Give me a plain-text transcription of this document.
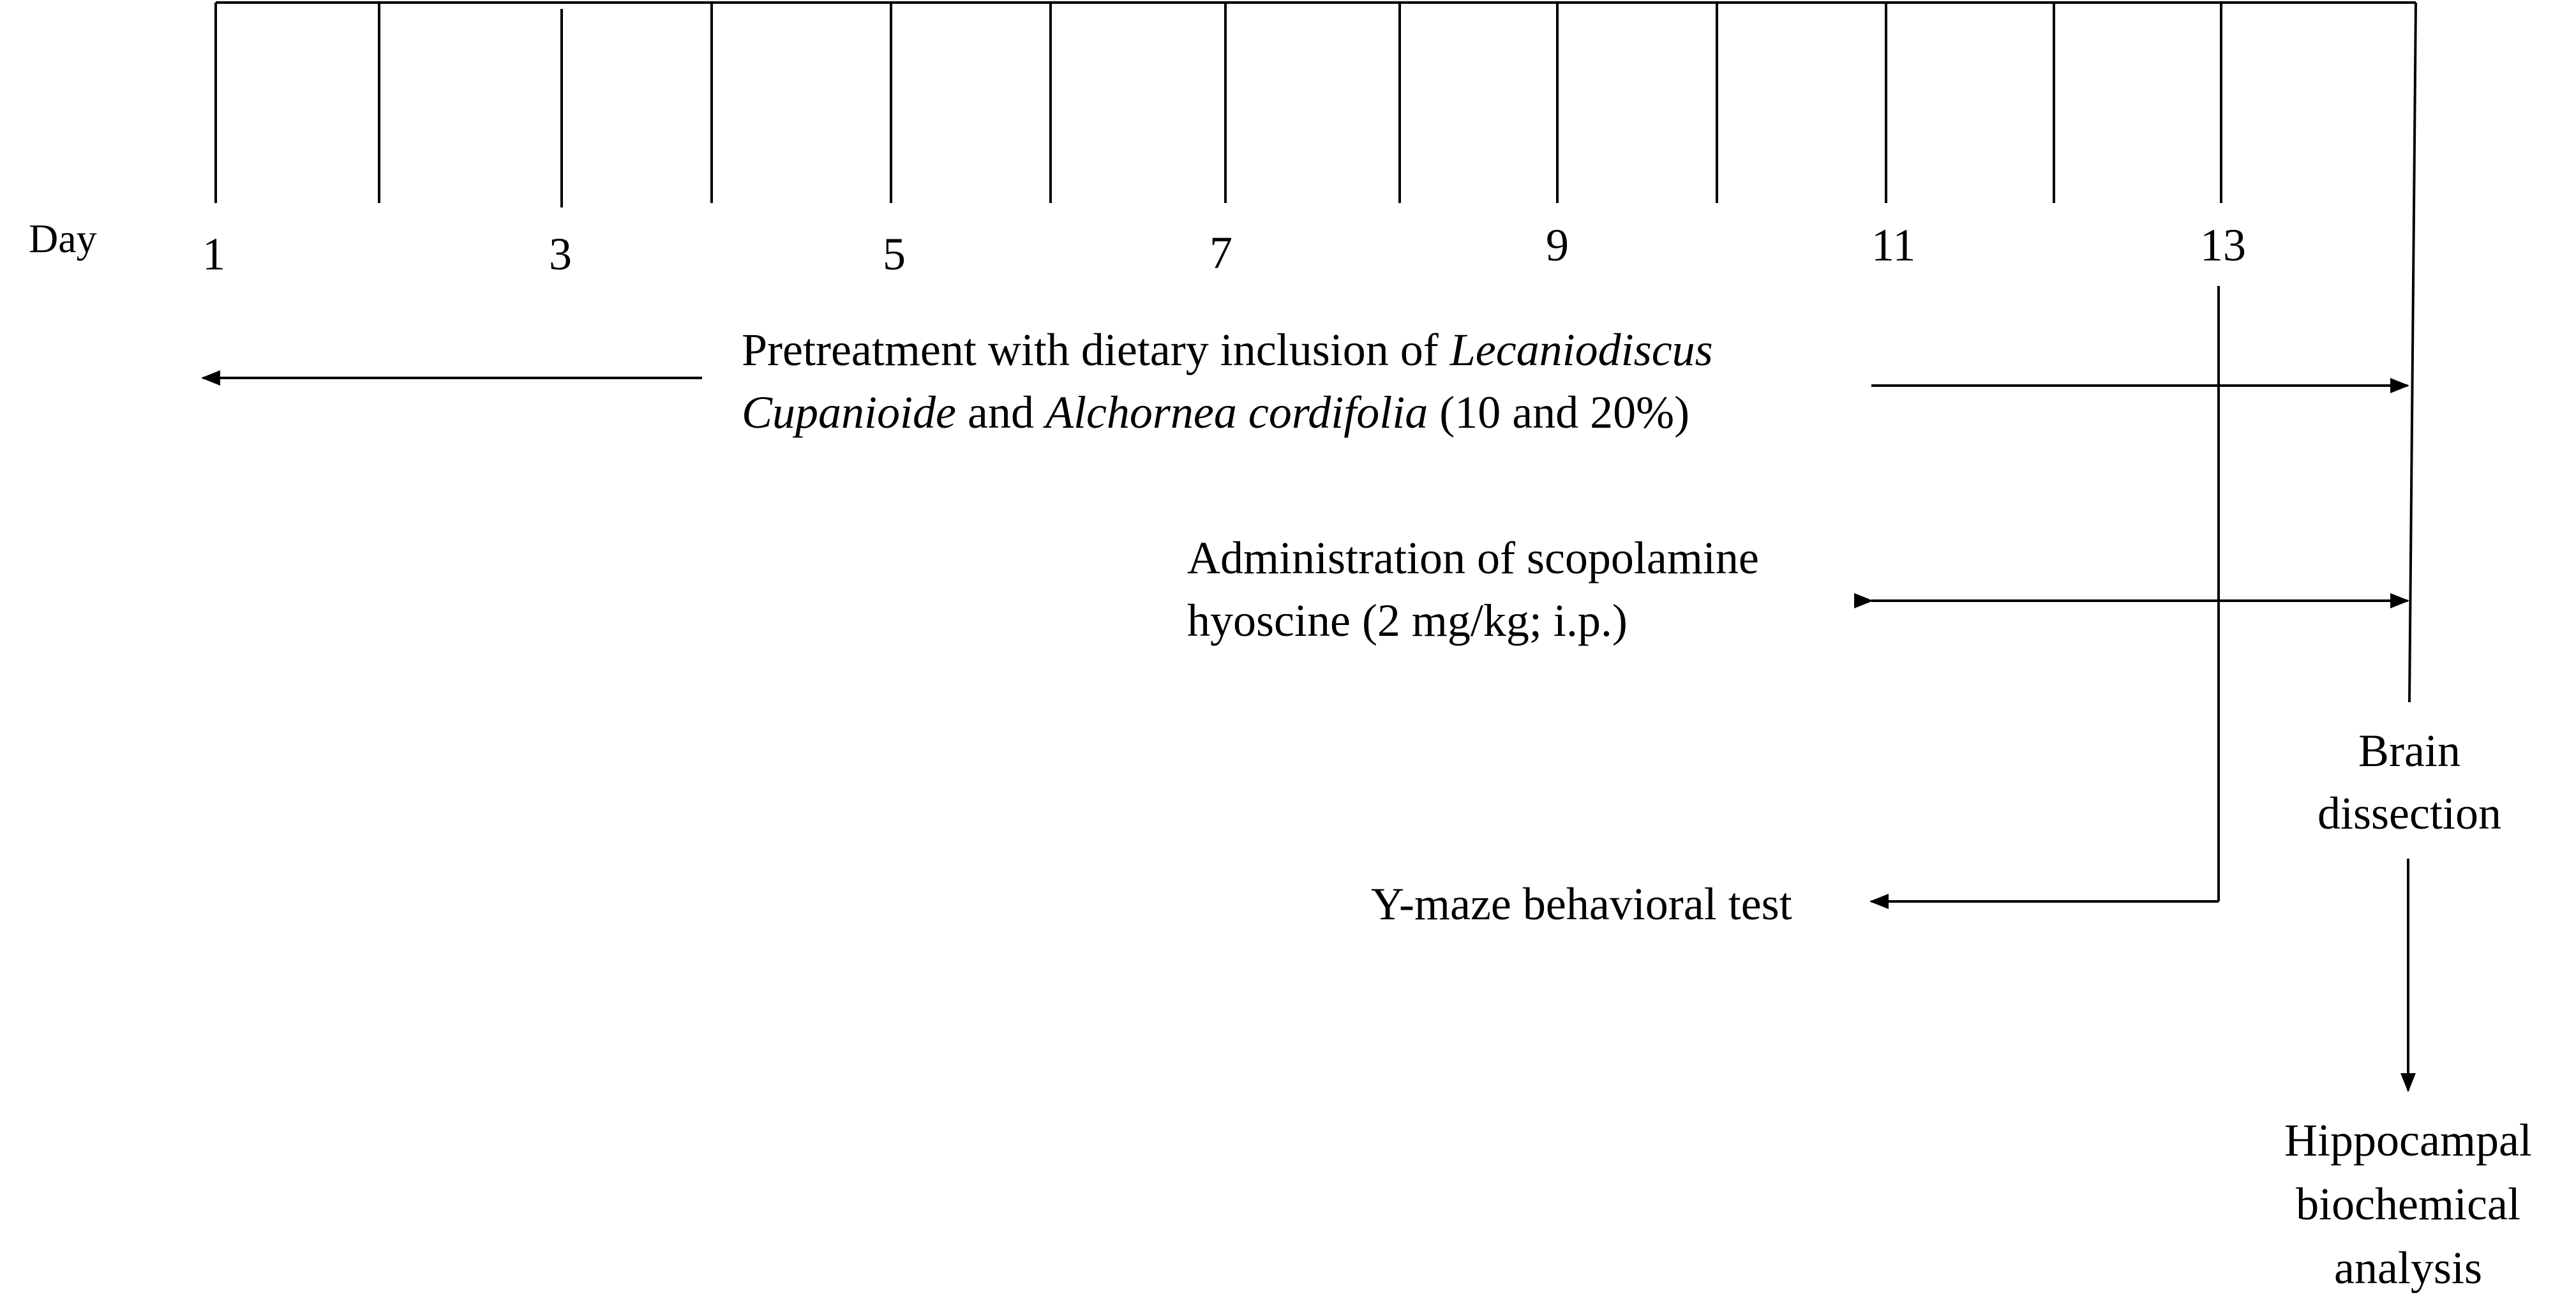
Day 1	3	5	7	9	11	13
Pretreatment with dietary inclusion of Lecaniodiscus
Cupanioide and Alchornea cordifolia (10 and 20%)
Administration of scopolamine
hyoscine (2 mg/kg; i.p.)
Y-maze behavioral test
Brain
dissection
Hippocampal
biochemical
analysis
